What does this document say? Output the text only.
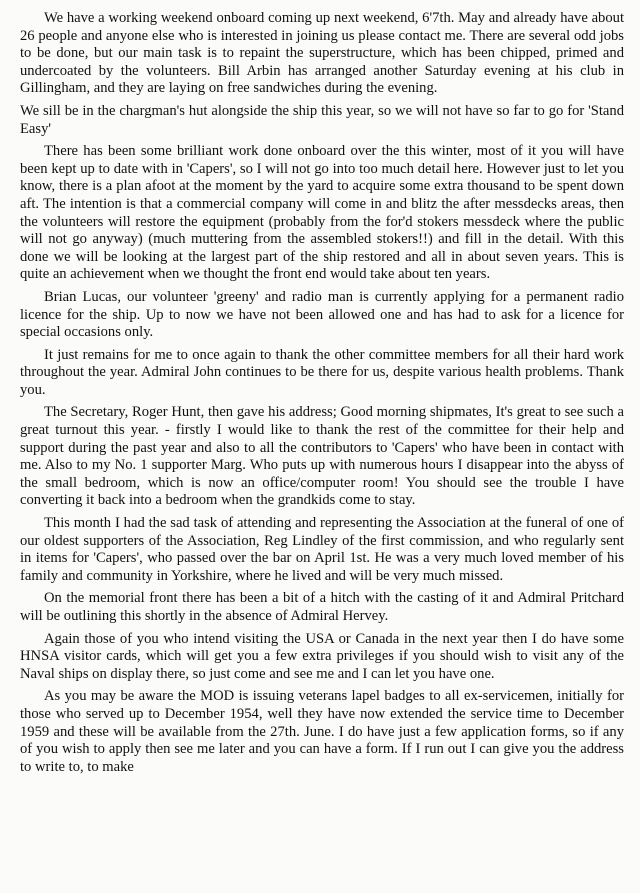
We have a working weekend onboard coming up next weekend, 6'7th. May and already have about 26 people and anyone else who is interested in joining us please contact me. There are several odd jobs to be done, but our main task is to repaint the superstructure, which has been chipped, primed and undercoated by the volunteers. Bill Arbin has arranged another Saturday evening at his club in Gillingham, and they are laying on free sandwiches during the evening.

We sill be in the chargman's hut alongside the ship this year, so we will not have so far to go for 'Stand Easy'

There has been some brilliant work done onboard over the this winter, most of it you will have been kept up to date with in 'Capers', so I will not go into too much detail here. However just to let you know, there is a plan afoot at the moment by the yard to acquire some extra thousand to be spent down aft. The intention is that a commercial company will come in and blitz the after messdecks areas, then the volunteers will restore the equipment (probably from the for'd stokers messdeck where the public will not go anyway) (much muttering from the assembled stokers!!) and fill in the detail. With this done we will be looking at the largest part of the ship restored and all in about seven years. This is quite an achievement when we thought the front end would take about ten years.

Brian Lucas, our volunteer 'greeny' and radio man is currently applying for a permanent radio licence for the ship. Up to now we have not been allowed one and has had to ask for a licence for special occasions only.

It just remains for me to once again to thank the other committee members for all their hard work throughout the year. Admiral John continues to be there for us, despite various health problems. Thank you.

The Secretary, Roger Hunt, then gave his address; Good morning shipmates, It's great to see such a great turnout this year. - firstly I would like to thank the rest of the committee for their help and support during the past year and also to all the contributors to 'Capers' who have been in contact with me. Also to my No. 1 supporter Marg. Who puts up with numerous hours I disappear into the abyss of the small bedroom, which is now an office/computer room! You should see the trouble I have converting it back into a bedroom when the grandkids come to stay.

This month I had the sad task of attending and representing the Association at the funeral of one of our oldest supporters of the Association, Reg Lindley of the first commission, and who regularly sent in items for 'Capers', who passed over the bar on April 1st. He was a very much loved member of his family and community in Yorkshire, where he lived and will be very much missed.

On the memorial front there has been a bit of a hitch with the casting of it and Admiral Pritchard will be outlining this shortly in the absence of Admiral Hervey.

Again those of you who intend visiting the USA or Canada in the next year then I do have some HNSA visitor cards, which will get you a few extra privileges if you should wish to visit any of the Naval ships on display there, so just come and see me and I can let you have one.

As you may be aware the MOD is issuing veterans lapel badges to all ex-servicemen, initially for those who served up to December 1954, well they have now extended the service time to December 1959 and these will be available from the 27th. June. I do have just a few application forms, so if any of you wish to apply then see me later and you can have a form. If I run out I can give you the address to write to, to make
